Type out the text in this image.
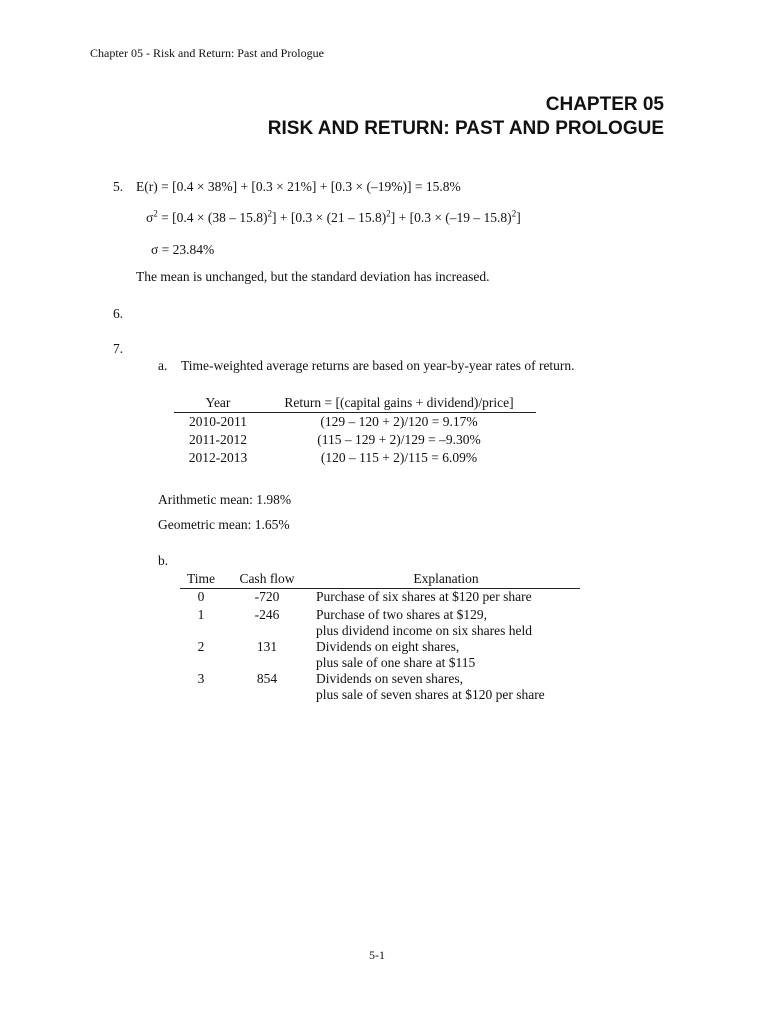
Chapter 05 - Risk and Return: Past and Prologue
CHAPTER 05
RISK AND RETURN: PAST AND PROLOGUE
5. E(r) = [0.4 × 38%] + [0.3 × 21%] + [0.3 × (–19%)] = 15.8%
$\sigma^2 = [0.4 \times (38 - 15.8)^2] + [0.3 \times (21 - 15.8)^2] + [0.3 \times (-19 - 15.8)^2]$
σ = 23.84%
The mean is unchanged, but the standard deviation has increased.
6.
7.
a. Time-weighted average returns are based on year-by-year rates of return.
Year	Return = [(capital gains + dividend)/price]
2010-2011	(129 – 120 + 2)/120 = 9.17%
2011-2012	(115 – 129 + 2)/129 = –9.30%
2012-2013	(120 – 115 + 2)/115 = 6.09%
Arithmetic mean: 1.98%
Geometric mean: 1.65%
b.
Time	Cash flow	Explanation
0	-720	Purchase of six shares at $120 per share

1	-246	Purchase of two shares at $129,
plus dividend income on six shares held

2	131	Dividends on eight shares,
plus sale of one share at $115

3	854	Dividends on seven shares,
plus sale of seven shares at $120 per share
5-1
